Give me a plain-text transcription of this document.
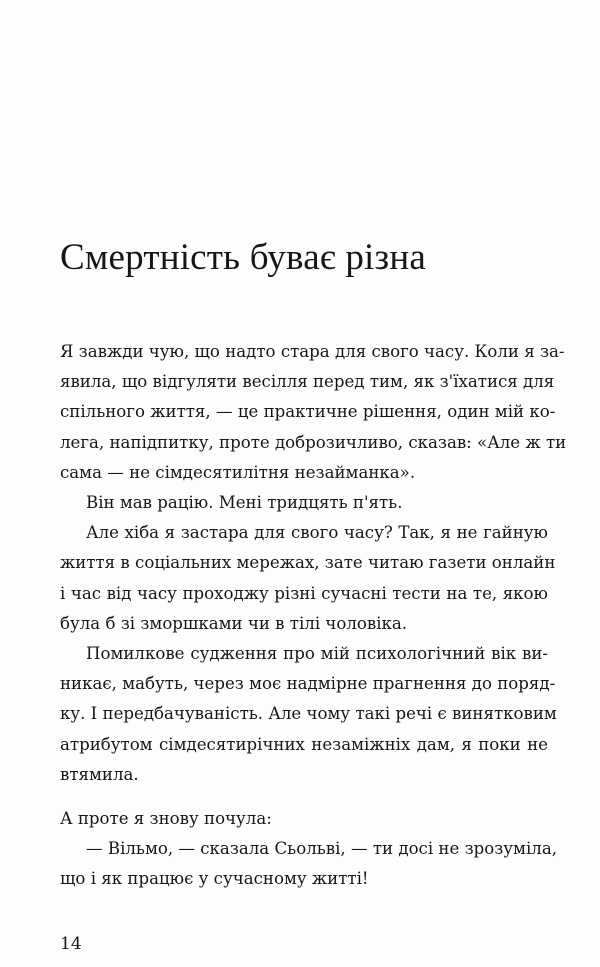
Смертність буває різна

Я завжди чую, що надто стара для свого часу. Коли я за-
явила, що відгуляти весілля перед тим, як з'їхатися для
спільного життя, — це практичне рішення, один мій ко-
лега, напідпитку, проте доброзичливо, сказав: «Але ж ти
сама — не сімдесятилітня незайманка».

Він мав рацію. Мені тридцять п'ять.

Але хіба я застара для свого часу? Так, я не гайную
життя в соціальних мережах, зате читаю газети онлайн
і час від часу проходжу різні сучасні тести на те, якою
була б зі зморшками чи в тілі чоловіка.

Помилкове судження про мій психологічний вік ви-
никає, мабуть, через моє надмірне прагнення до поряд-
ку. І передбачуваність. Але чому такі речі є винятковим
атрибутом сімдесятирічних незаміжніх дам, я поки не
втямила.

А проте я знову почула:

— Вільмо, — сказала Сьольві, — ти досі не зрозуміла,
що і як працює у сучасному житті!

14
